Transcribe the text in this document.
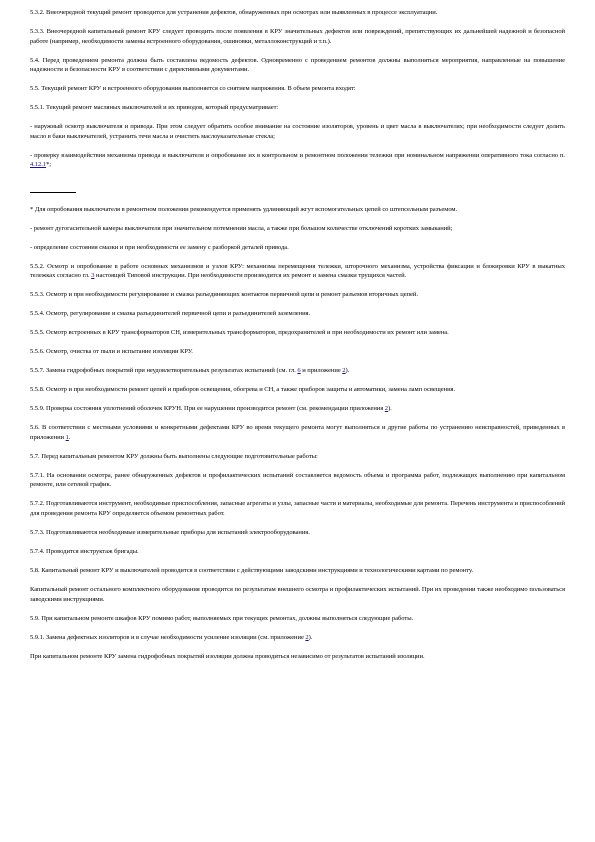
5.3.2. Внеочередной текущий ремонт проводится для устранения дефектов, обнаруженных при осмотрах или выявленных в процессе эксплуатации.

5.3.3. Внеочередной капитальный ремонт КРУ следует проводить после появления в КРУ значительных дефектов или повреждений, препятствующих их дальнейшей надежной и безопасной работе (например, необходимости замены встроенного оборудования, ошиновки, металлоконструкций и т.п.).

5.4. Перед проведением ремонта должна быть составлена ведомость дефектов. Одновременно с проведением ремонтов должны выполняться мероприятия, направленные на повышение надежности и безопасности КРУ в соответствии с директивными документами.

5.5. Текущий ремонт КРУ и встроенного оборудования выполняется со снятием напряжения. В объем ремонта входят:

5.5.1. Текущий ремонт масляных выключателей и их приводов, который предусматривает:

- наружный осмотр выключателя и привода. При этом следует обратить особое внимание на состояние изоляторов, уровень и цвет масла в выключателях; при необходимости следует долить масло в баки выключателей, устранить течи масла и очистить маслоуказательные стекла;

- проверку взаимодействия механизма привода и выключателя и опробование их в контрольном и ремонтном положении тележки при номинальном напряжении оперативного тока согласно п. 4.12.1*;

* Для опробования выключателя в ремонтном положении рекомендуется применять удлиняющий жгут вспомогательных цепей со штепсельным разъемом.

- ремонт дугогасительной камеры выключателя при значительном потемнении масла, а также при большом количестве отключений коротких замыканий;

- определение состояния смазки и при необходимости ее замену с разборкой деталей привода.

5.5.2. Осмотр и опробование в работе основных механизмов и узлов КРУ: механизма перемещения тележки, шторочного механизма, устройства фиксации и блокировки КРУ в выкатных тележках согласно гл. 3 настоящей Типовой инструкции. При необходимости производится их ремонт и замена смазки трущихся частей.

5.5.3. Осмотр и при необходимости регулирование и смазка разъединяющих контактов первичной цепи и ремонт разъемов вторичных цепей.

5.5.4. Осмотр, регулирование и смазка разъединителей первичной цепи и разъединителей заземления.

5.5.5. Осмотр встроенных в КРУ трансформаторов СН, измерительных трансформаторов, предохранителей и при необходимости их ремонт или замена.

5.5.6. Осмотр, очистка от пыли и испытание изоляции КРУ.

5.5.7. Замена гидрофобных покрытий при неудовлетворительных результатах испытаний (см. гл. 6 и приложение 2).

5.5.8. Осмотр и при необходимости ремонт цепей и приборов освещения, обогрева и СН, а также приборов защиты и автоматики, замена ламп освещения.

5.5.9. Проверка состояния уплотнений оболочек КРУН. При ее нарушении производится ремонт (см. рекомендации приложения 2).

5.6. В соответствии с местными условиями и конкретными дефектами КРУ во время текущего ремонта могут выполняться и другие работы по устранению неисправностей, приведенных в приложении 1.

5.7. Перед капитальным ремонтом КРУ должны быть выполнены следующие подготовительные работы:

5.7.1. На основании осмотра, ранее обнаруженных дефектов и профилактических испытаний составляется ведомость объема и программа работ, подлежащих выполнению при капитальном ремонте, или сетевой график.

5.7.2. Подготавливаются инструмент, необходимые приспособления, запасные агрегаты и узлы, запасные части и материалы, необходимые для ремонта. Перечень инструмента и приспособлений для проведения ремонта КРУ определяется объемом ремонтных работ.

5.7.3. Подготавливаются необходимые измерительные приборы для испытаний электрооборудования.

5.7.4. Проводится инструктаж бригады.

5.8. Капитальный ремонт КРУ и выключателей проводится в соответствии с действующими заводскими инструкциями и технологическими картами по ремонту.

Капитальный ремонт остального комплектного оборудования проводится по результатам внешнего осмотра и профилактических испытаний. При их проведении также необходимо пользоваться заводскими инструкциями.

5.9. При капитальном ремонте шкафов КРУ помимо работ, выполняемых при текущих ремонтах, должны выполняться следующие работы.

5.9.1. Замена дефектных изоляторов и в случае необходимости усиление изоляции (см. приложение 2).

При капитальном ремонте КРУ замена гидрофобных покрытий изоляции должна проводиться независимо от результатов испытаний изоляции.
